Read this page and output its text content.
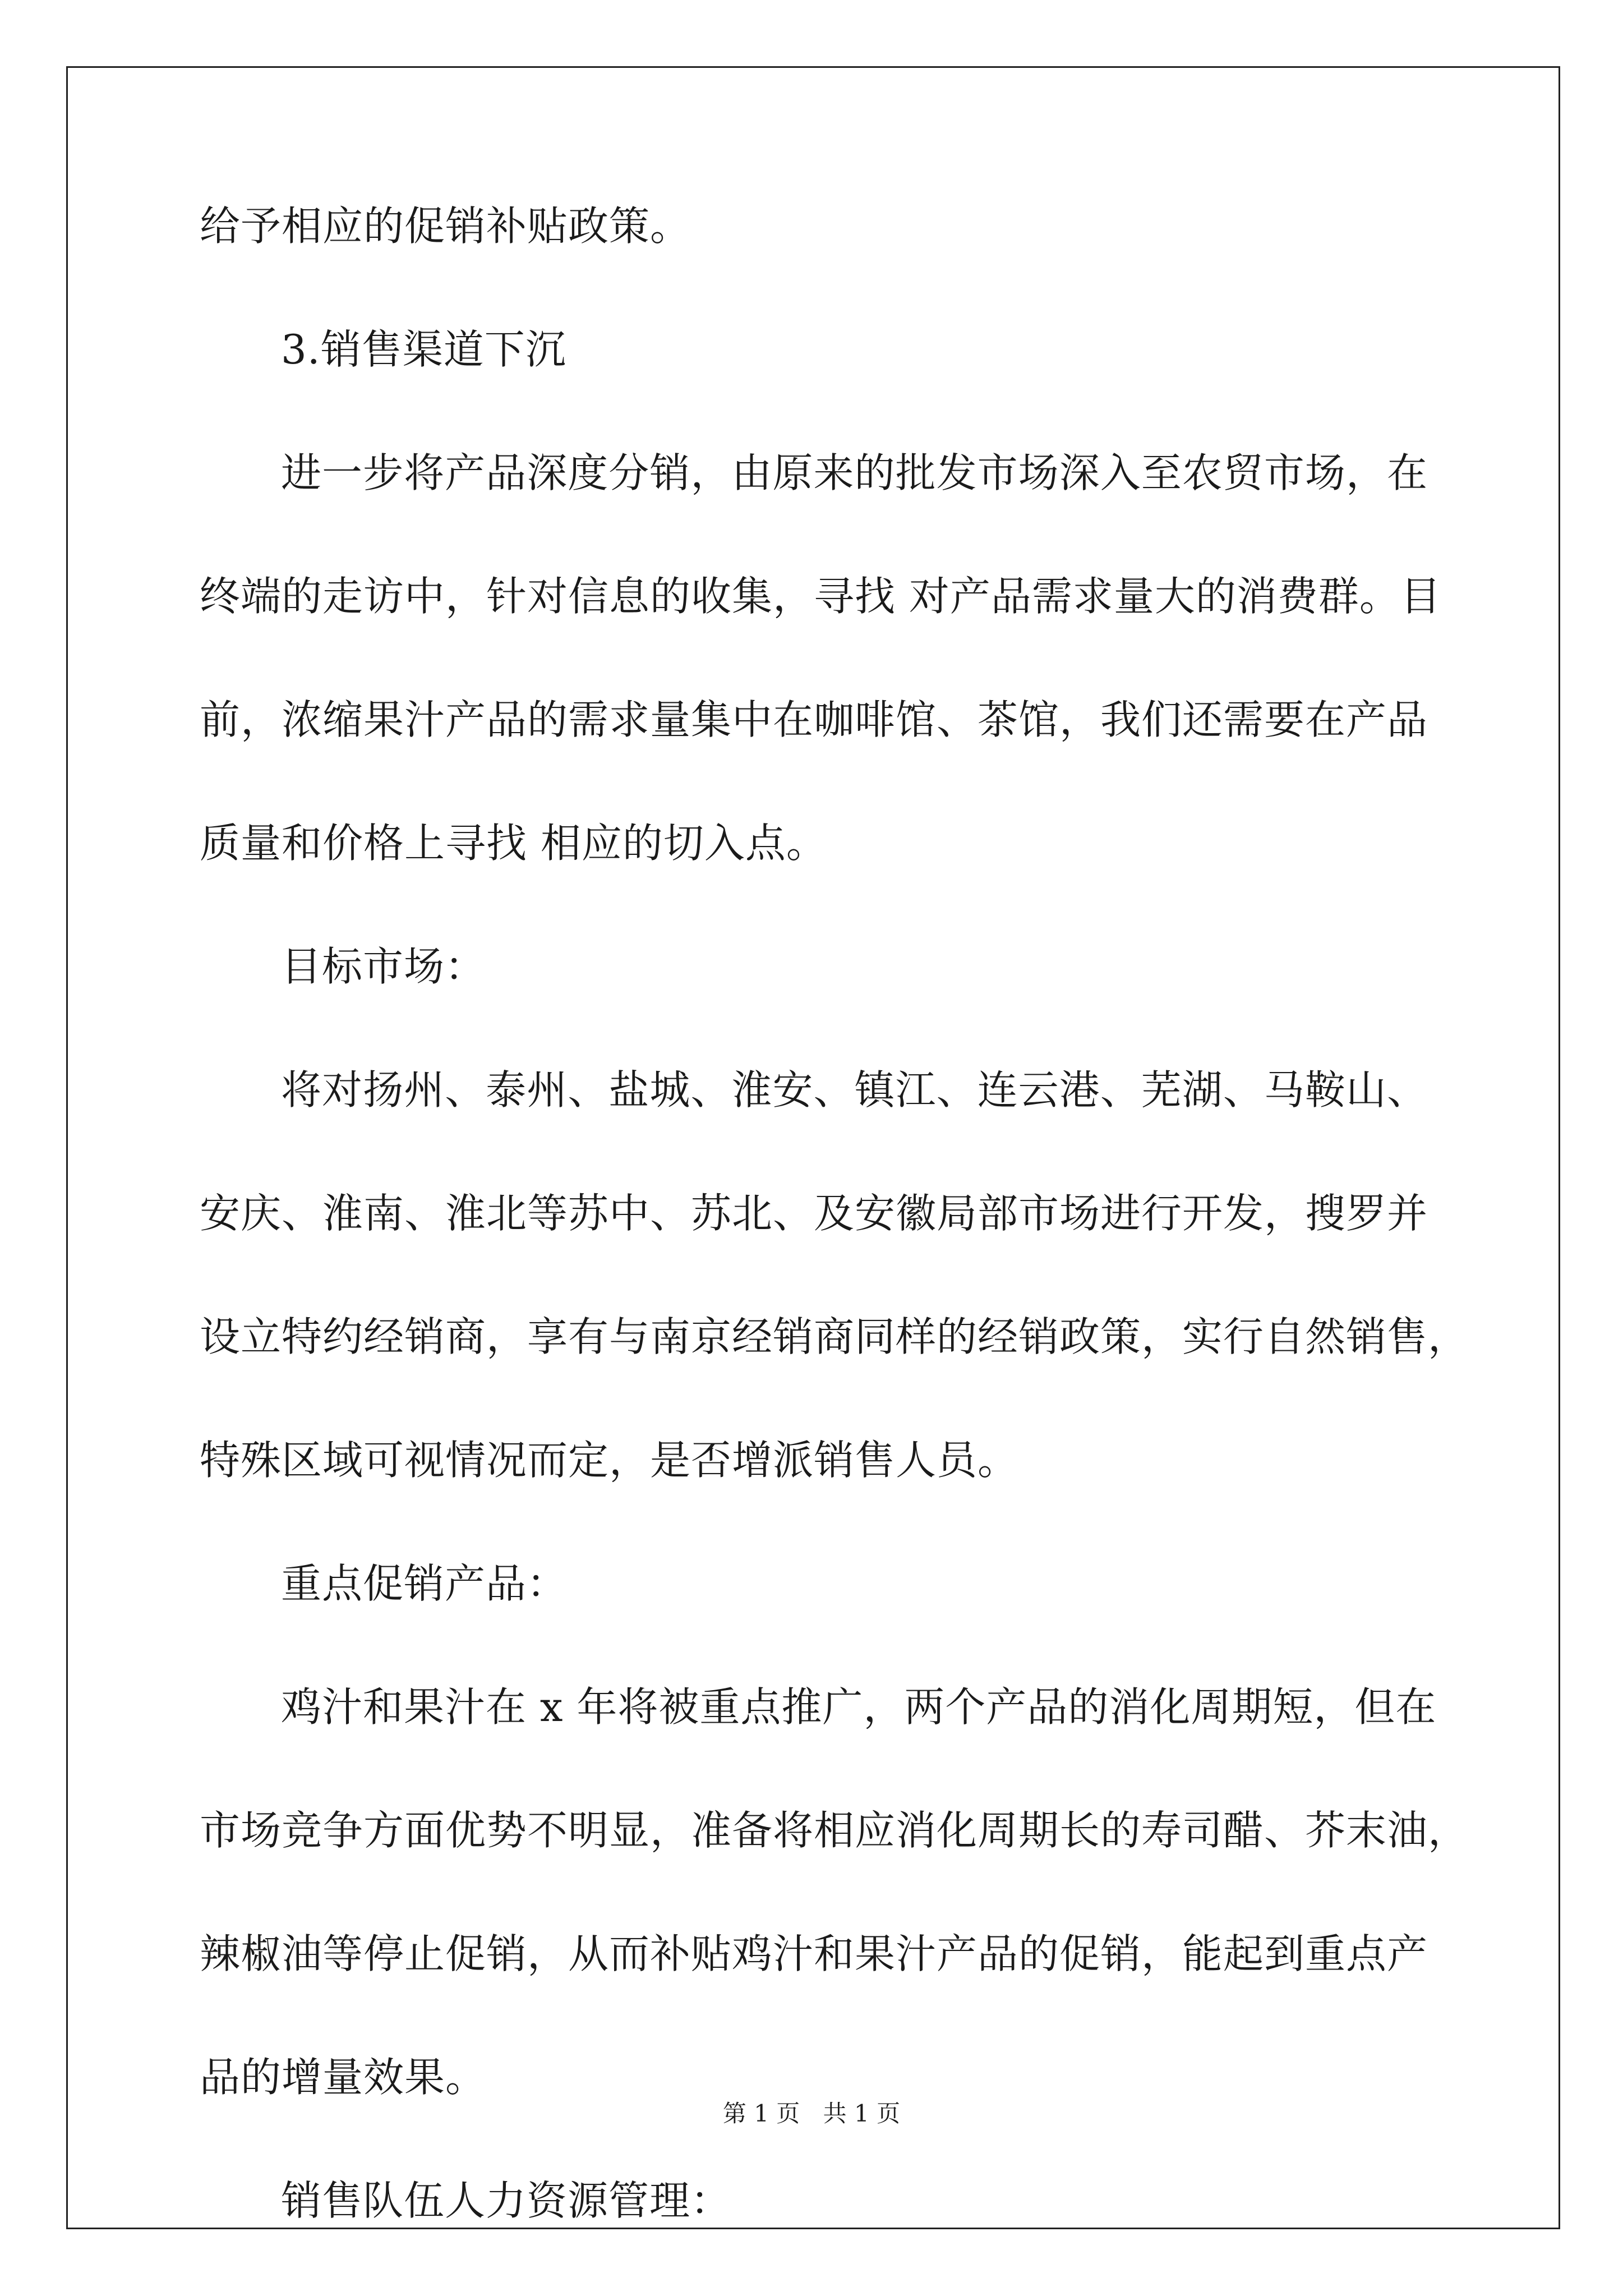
给予相应的促销补贴政策。
3.销售渠道下沉
进一步将产品深度分销，由原来的批发市场深入至农贸市场，在
终端的走访中，针对信息的收集，寻找 对产品需求量大的消费群。目
前，浓缩果汁产品的需求量集中在咖啡馆、茶馆，我们还需要在产品
质量和价格上寻找 相应的切入点。
目标市场：
将对扬州、泰州、盐城、淮安、镇江、连云港、芜湖、马鞍山、
安庆、淮南、淮北等苏中、苏北、及安徽局部市场进行开发，搜罗并
设立特约经销商，享有与南京经销商同样的经销政策，实行自然销售，
特殊区域可视情况而定，是否增派销售人员。
重点促销产品：
鸡汁和果汁在 x 年将被重点推广，两个产品的消化周期短，但在
市场竞争方面优势不明显，准备将相应消化周期长的寿司醋、芥末油，
辣椒油等停止促销，从而补贴鸡汁和果汁产品的促销，能起到重点产
品的增量效果。
销售队伍人力资源管理：
第 1 页 共 1 页
